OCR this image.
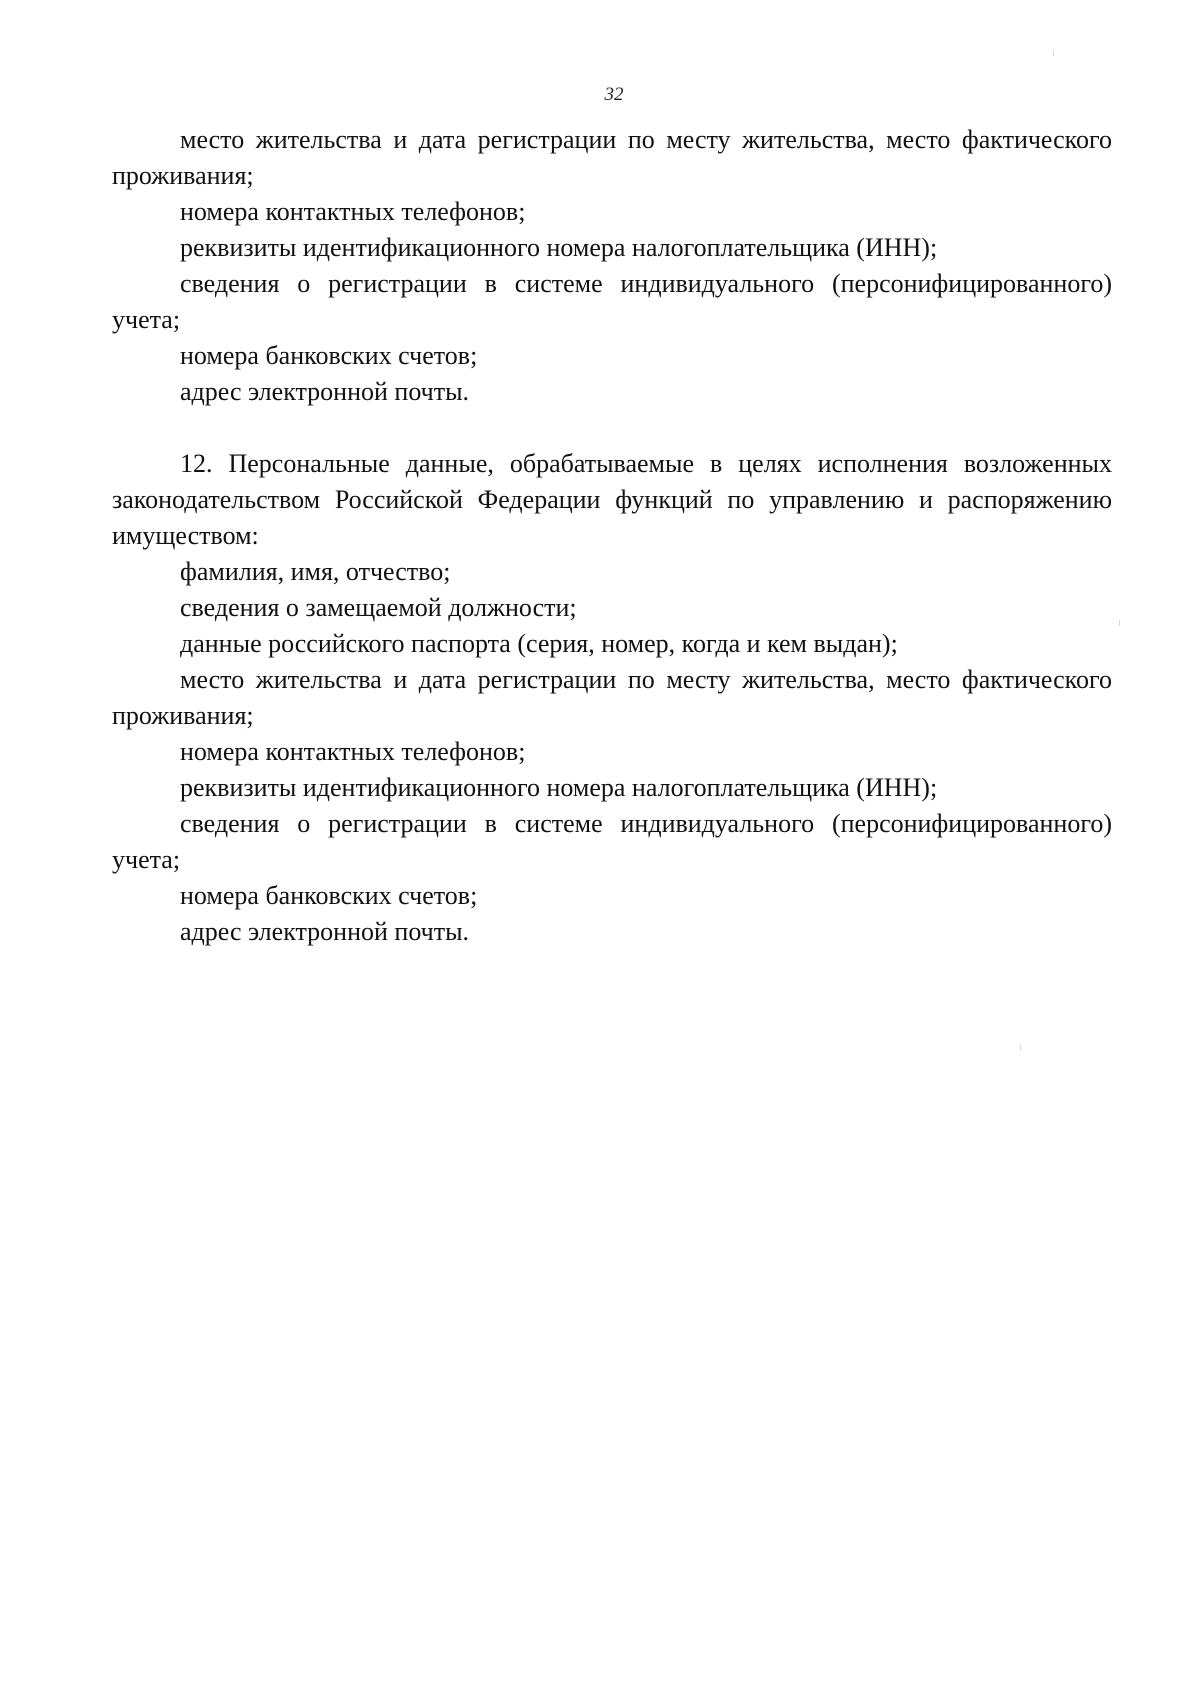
32

место жительства и дата регистрации по месту жительства, место фактического проживания;

номера контактных телефонов;

реквизиты идентификационного номера налогоплательщика (ИНН);

сведения о регистрации в системе индивидуального (персонифицированного) учета;

номера банковских счетов;

адрес электронной почты.

12. Персональные данные, обрабатываемые в целях исполнения возложенных законодательством Российской Федерации функций по управлению и распоряжению имуществом:

фамилия, имя, отчество;

сведения о замещаемой должности;

данные российского паспорта (серия, номер, когда и кем выдан);

место жительства и дата регистрации по месту жительства, место фактического проживания;

номера контактных телефонов;

реквизиты идентификационного номера налогоплательщика (ИНН);

сведения о регистрации в системе индивидуального (персонифицированного) учета;

номера банковских счетов;

адрес электронной почты.
